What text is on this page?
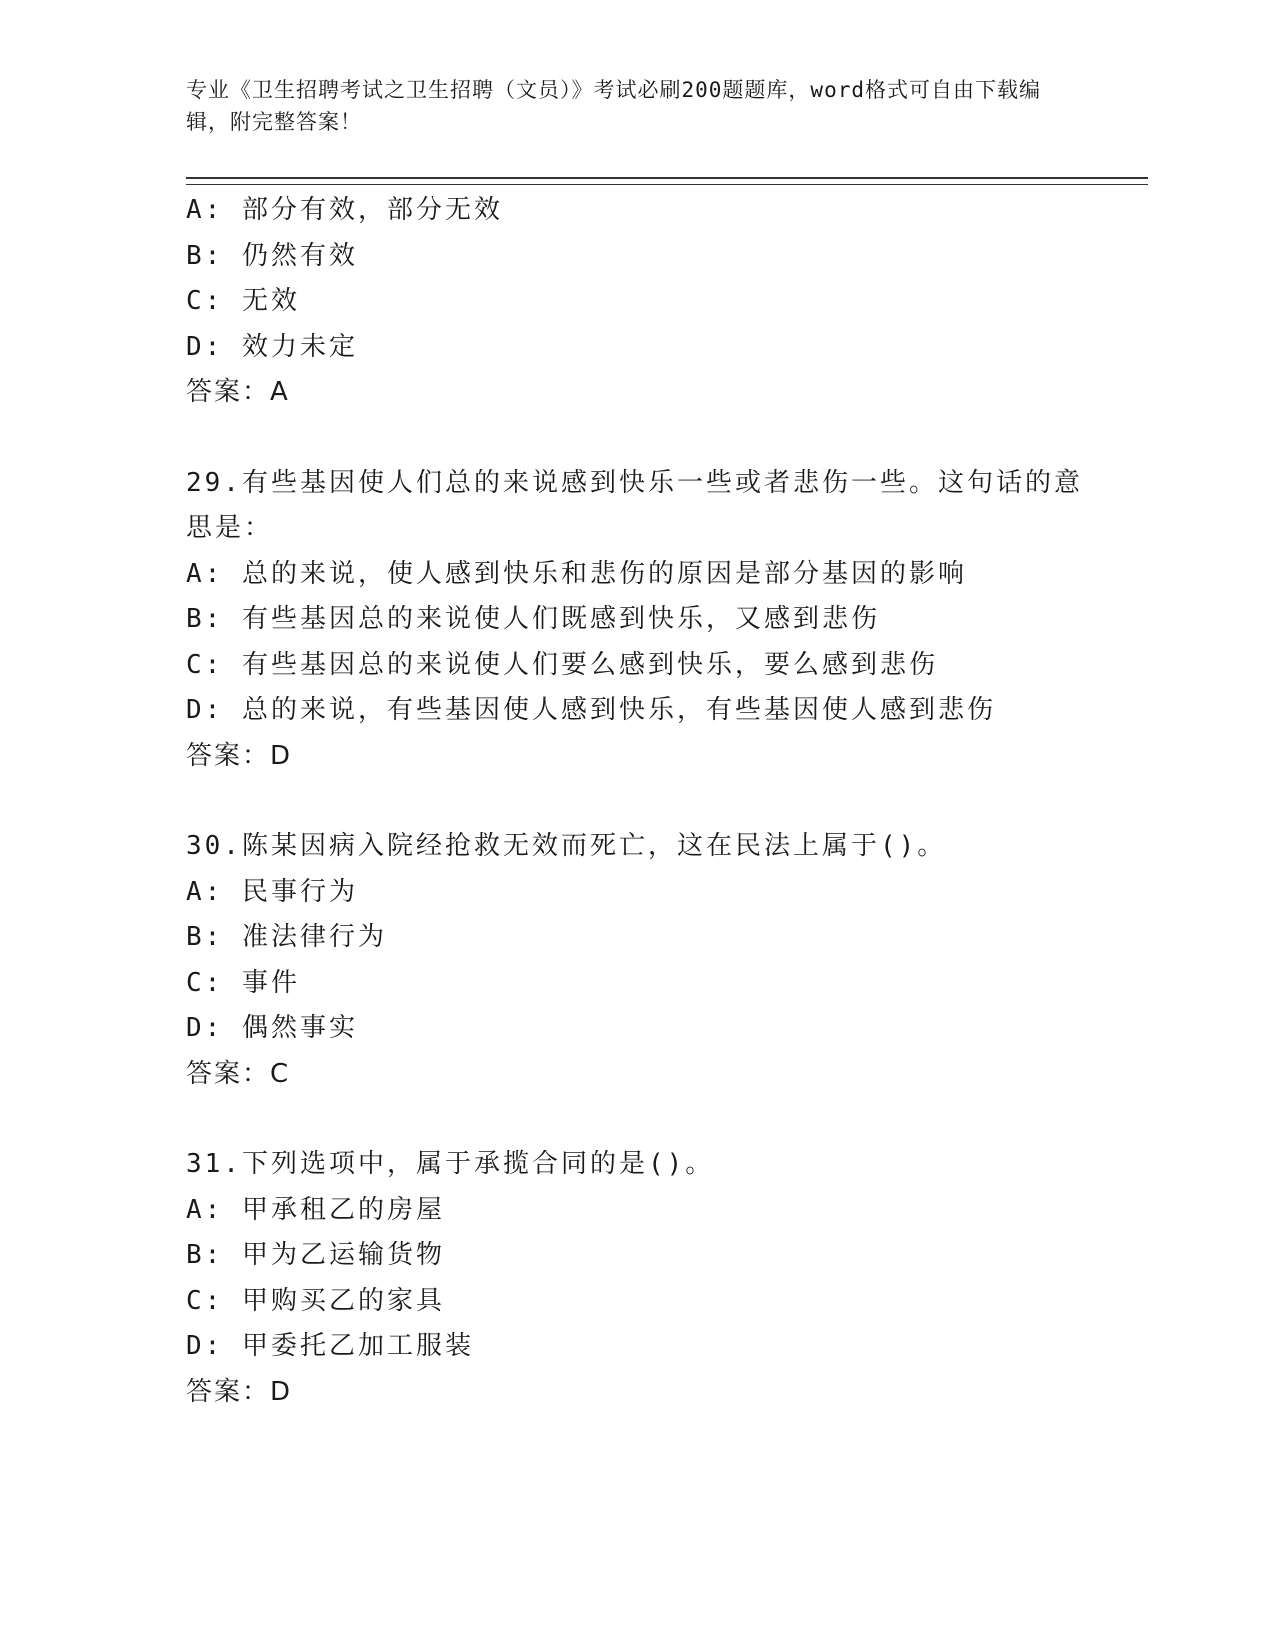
专业《卫生招聘考试之卫生招聘（文员）》考试必刷200题题库，word格式可自由下载编辑，附完整答案！
A: 部分有效，部分无效
B: 仍然有效
C: 无效
D: 效力未定
答案：A
29.有些基因使人们总的来说感到快乐一些或者悲伤一些。这句话的意思是：
A: 总的来说，使人感到快乐和悲伤的原因是部分基因的影响
B: 有些基因总的来说使人们既感到快乐，又感到悲伤
C: 有些基因总的来说使人们要么感到快乐，要么感到悲伤
D: 总的来说，有些基因使人感到快乐，有些基因使人感到悲伤
答案：D
30.陈某因病入院经抢救无效而死亡，这在民法上属于()。
A: 民事行为
B: 准法律行为
C: 事件
D: 偶然事实
答案：C
31.下列选项中，属于承揽合同的是()。
A: 甲承租乙的房屋
B: 甲为乙运输货物
C: 甲购买乙的家具
D: 甲委托乙加工服装
答案：D
